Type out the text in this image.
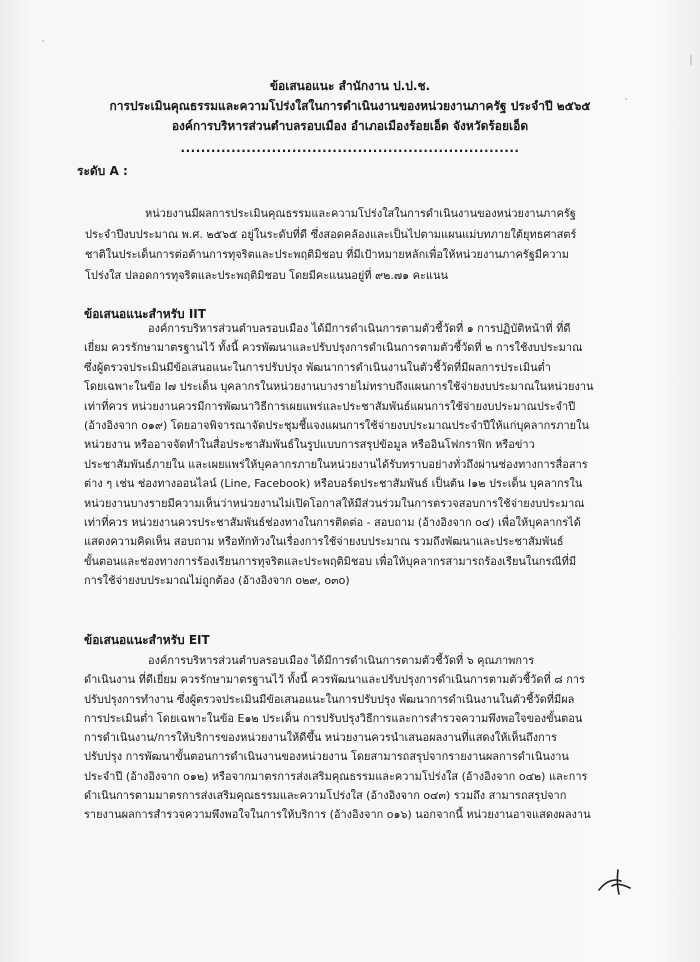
ข้อเสนอแนะ สำนักงาน ป.ป.ช.
การประเมินคุณธรรมและความโปร่งใสในการดำเนินงานของหน่วยงานภาครัฐ ประจำปี ๒๕๖๕
องค์การบริหารส่วนตำบลรอบเมือง อำเภอเมืองร้อยเอ็ด จังหวัดร้อยเอ็ด
...................................................................
ระดับ A :
หน่วยงานมีผลการประเมินคุณธรรมและความโปร่งใสในการดำเนินงานของหน่วยงานภาครัฐ
ประจำปีงบประมาณ พ.ศ. ๒๕๖๕ อยู่ในระดับที่ดี ซึ่งสอดคล้องและเป็นไปตามแผนแม่บทภายใต้ยุทธศาสตร์
ชาติในประเด็นการต่อต้านการทุจริตและประพฤติมิชอบ ที่มีเป้าหมายหลักเพื่อให้หน่วยงานภาครัฐมีความ
โปร่งใส ปลอดการทุจริตและประพฤติมิชอบ โดยมีคะแนนอยู่ที่ ๙๒.๗๑ คะแนน
ข้อเสนอแนะสำหรับ IIT
องค์การบริหารส่วนตำบลรอบเมือง ได้มีการดำเนินการตามตัวชี้วัดที่ ๑ การปฏิบัติหน้าที่ ที่ดี
เยี่ยม ควรรักษามาตรฐานไว้ ทั้งนี้ ควรพัฒนาและปรับปรุงการดำเนินการตามตัวชี้วัดที่ ๒ การใช้งบประมาณ
ซึ่งผู้ตรวจประเมินมีข้อเสนอแนะในการปรับปรุง พัฒนาการดำเนินงานในตัวชี้วัดที่มีผลการประเมินต่ำ
โดยเฉพาะในข้อ I๗ ประเด็น บุคลากรในหน่วยงานบางรายไม่ทราบถึงแผนการใช้จ่ายงบประมาณในหน่วยงาน
เท่าที่ควร หน่วยงานควรมีการพัฒนาวิธีการเผยแพร่และประชาสัมพันธ์แผนการใช้จ่ายงบประมาณประจำปี
(อ้างอิงจาก o๑๙) โดยอาจพิจารณาจัดประชุมชี้แจงแผนการใช้จ่ายงบประมาณประจำปีให้แก่บุคลากรภายใน
หน่วยงาน หรืออาจจัดทำในสื่อประชาสัมพันธ์ในรูปแบบการสรุปข้อมูล หรืออินโฟกราฟิก หรือข่าว
ประชาสัมพันธ์ภายใน และเผยแพร่ให้บุคลากรภายในหน่วยงานได้รับทราบอย่างทั่วถึงผ่านช่องทางการสื่อสาร
ต่าง ๆ เช่น ช่องทางออนไลน์ (Line, Facebook) หรือบอร์ดประชาสัมพันธ์ เป็นต้น I๑๒ ประเด็น บุคลากรใน
หน่วยงานบางรายมีความเห็นว่าหน่วยงานไม่เปิดโอกาสให้มีส่วนร่วมในการตรวจสอบการใช้จ่ายงบประมาณ
เท่าที่ควร หน่วยงานควรประชาสัมพันธ์ช่องทางในการติดต่อ - สอบถาม (อ้างอิงจาก o๔) เพื่อให้บุคลากรได้
แสดงความคิดเห็น สอบถาม หรือทักท้วงในเรื่องการใช้จ่ายงบประมาณ รวมถึงพัฒนาและประชาสัมพันธ์
ขั้นตอนและช่องทางการร้องเรียนการทุจริตและประพฤติมิชอบ เพื่อให้บุคลากรสามารถร้องเรียนในกรณีที่มี
การใช้จ่ายงบประมาณไม่ถูกต้อง (อ้างอิงจาก o๒๙, o๓o)
ข้อเสนอแนะสำหรับ EIT
องค์การบริหารส่วนตำบลรอบเมือง ได้มีการดำเนินการตามตัวชี้วัดที่ ๖ คุณภาพการ
ดำเนินงาน ที่ดีเยี่ยม ควรรักษามาตรฐานไว้ ทั้งนี้ ควรพัฒนาและปรับปรุงการดำเนินการตามตัวชี้วัดที่ ๘ การ
ปรับปรุงการทำงาน ซึ่งผู้ตรวจประเมินมีข้อเสนอแนะในการปรับปรุง พัฒนาการดำเนินงานในตัวชี้วัดที่มีผล
การประเมินต่ำ โดยเฉพาะในข้อ E๑๒ ประเด็น การปรับปรุงวิธีการและการสำรวจความพึงพอใจของขั้นตอน
การดำเนินงาน/การให้บริการของหน่วยงานให้ดีขึ้น หน่วยงานควรนำเสนอผลงานที่แสดงให้เห็นถึงการ
ปรับปรุง การพัฒนาขั้นตอนการดำเนินงานของหน่วยงาน โดยสามารถสรุปจากรายงานผลการดำเนินงาน
ประจำปี (อ้างอิงจาก o๑๒) หรือจากมาตรการส่งเสริมคุณธรรมและความโปร่งใส (อ้างอิงจาก o๔๒) และการ
ดำเนินการตามมาตรการส่งเสริมคุณธรรมและความโปร่งใส (อ้างอิงจาก o๔๓) รวมถึง สามารถสรุปจาก
รายงานผลการสำรวจความพึงพอใจในการให้บริการ (อ้างอิงจาก o๑๖) นอกจากนี้ หน่วยงานอาจแสดงผลงาน
